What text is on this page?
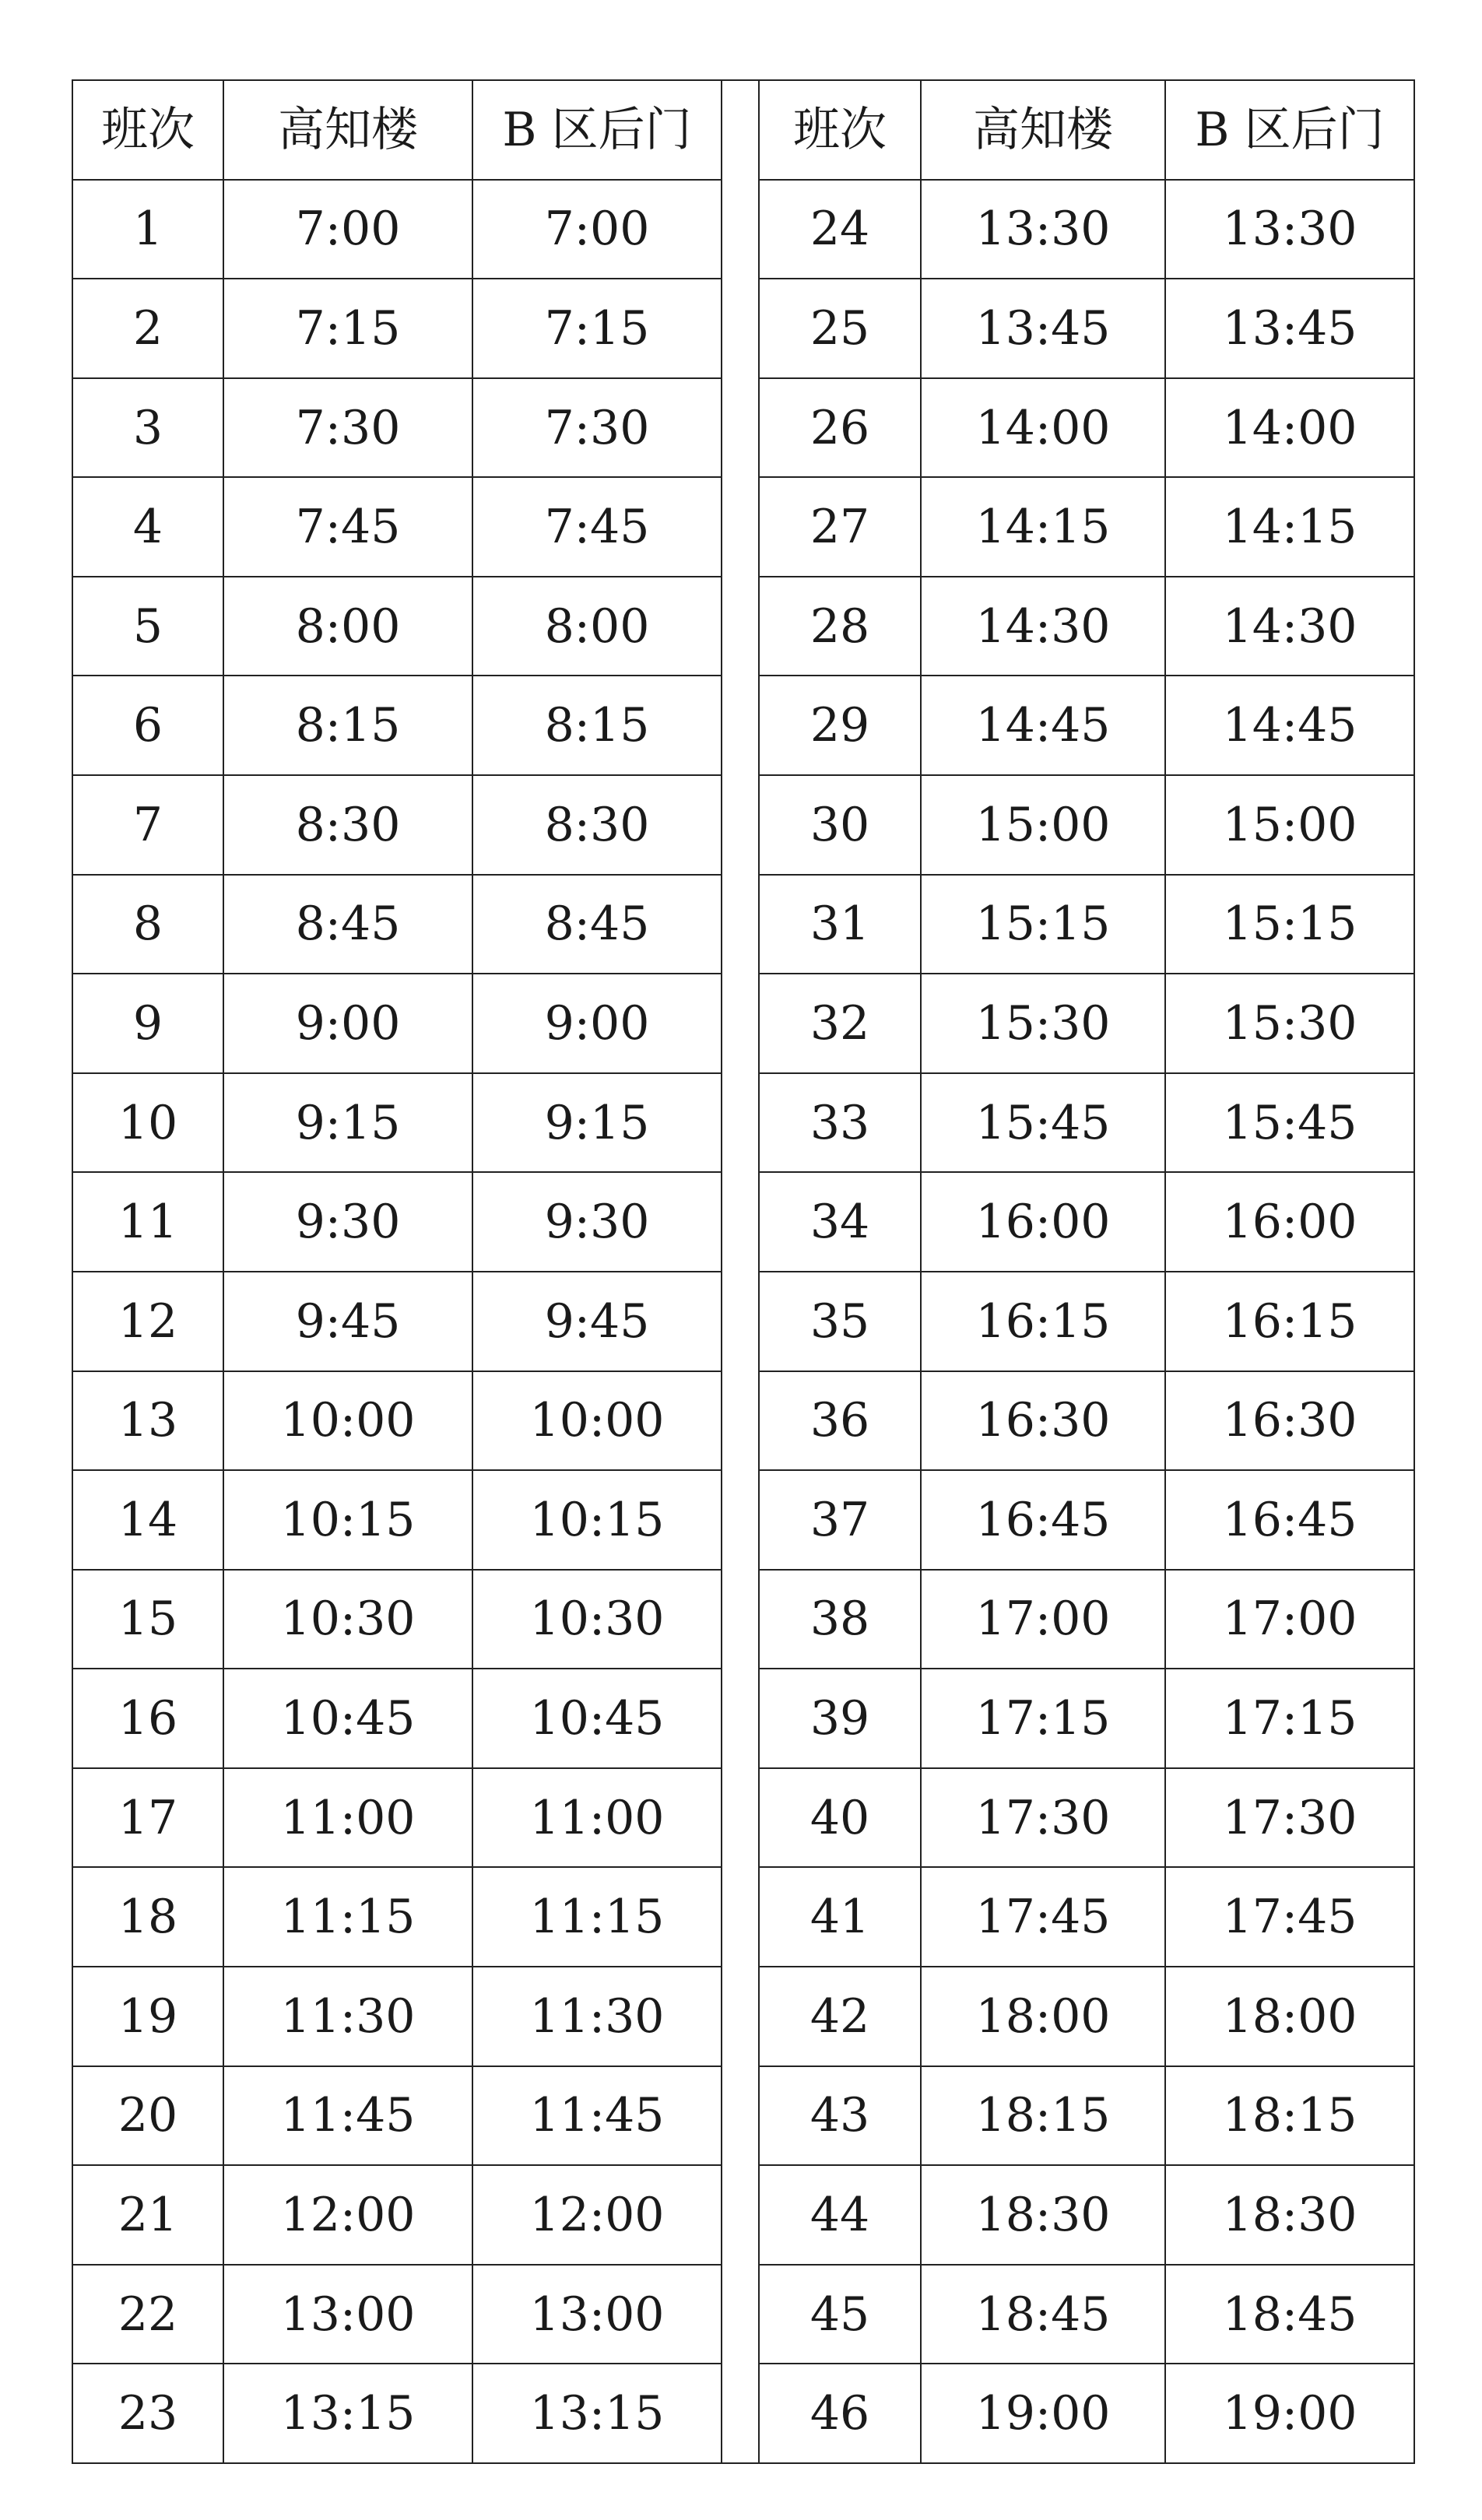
班次	高知楼	B 区后门		班次	高知楼	B 区后门
1	7:00	7:00		24	13:30	13:30
2	7:15	7:15		25	13:45	13:45
3	7:30	7:30		26	14:00	14:00
4	7:45	7:45		27	14:15	14:15
5	8:00	8:00		28	14:30	14:30
6	8:15	8:15		29	14:45	14:45
7	8:30	8:30		30	15:00	15:00
8	8:45	8:45		31	15:15	15:15
9	9:00	9:00		32	15:30	15:30
10	9:15	9:15		33	15:45	15:45
11	9:30	9:30		34	16:00	16:00
12	9:45	9:45		35	16:15	16:15
13	10:00	10:00		36	16:30	16:30
14	10:15	10:15		37	16:45	16:45
15	10:30	10:30		38	17:00	17:00
16	10:45	10:45		39	17:15	17:15
17	11:00	11:00		40	17:30	17:30
18	11:15	11:15		41	17:45	17:45
19	11:30	11:30		42	18:00	18:00
20	11:45	11:45		43	18:15	18:15
21	12:00	12:00		44	18:30	18:30
22	13:00	13:00		45	18:45	18:45
23	13:15	13:15		46	19:00	19:00
